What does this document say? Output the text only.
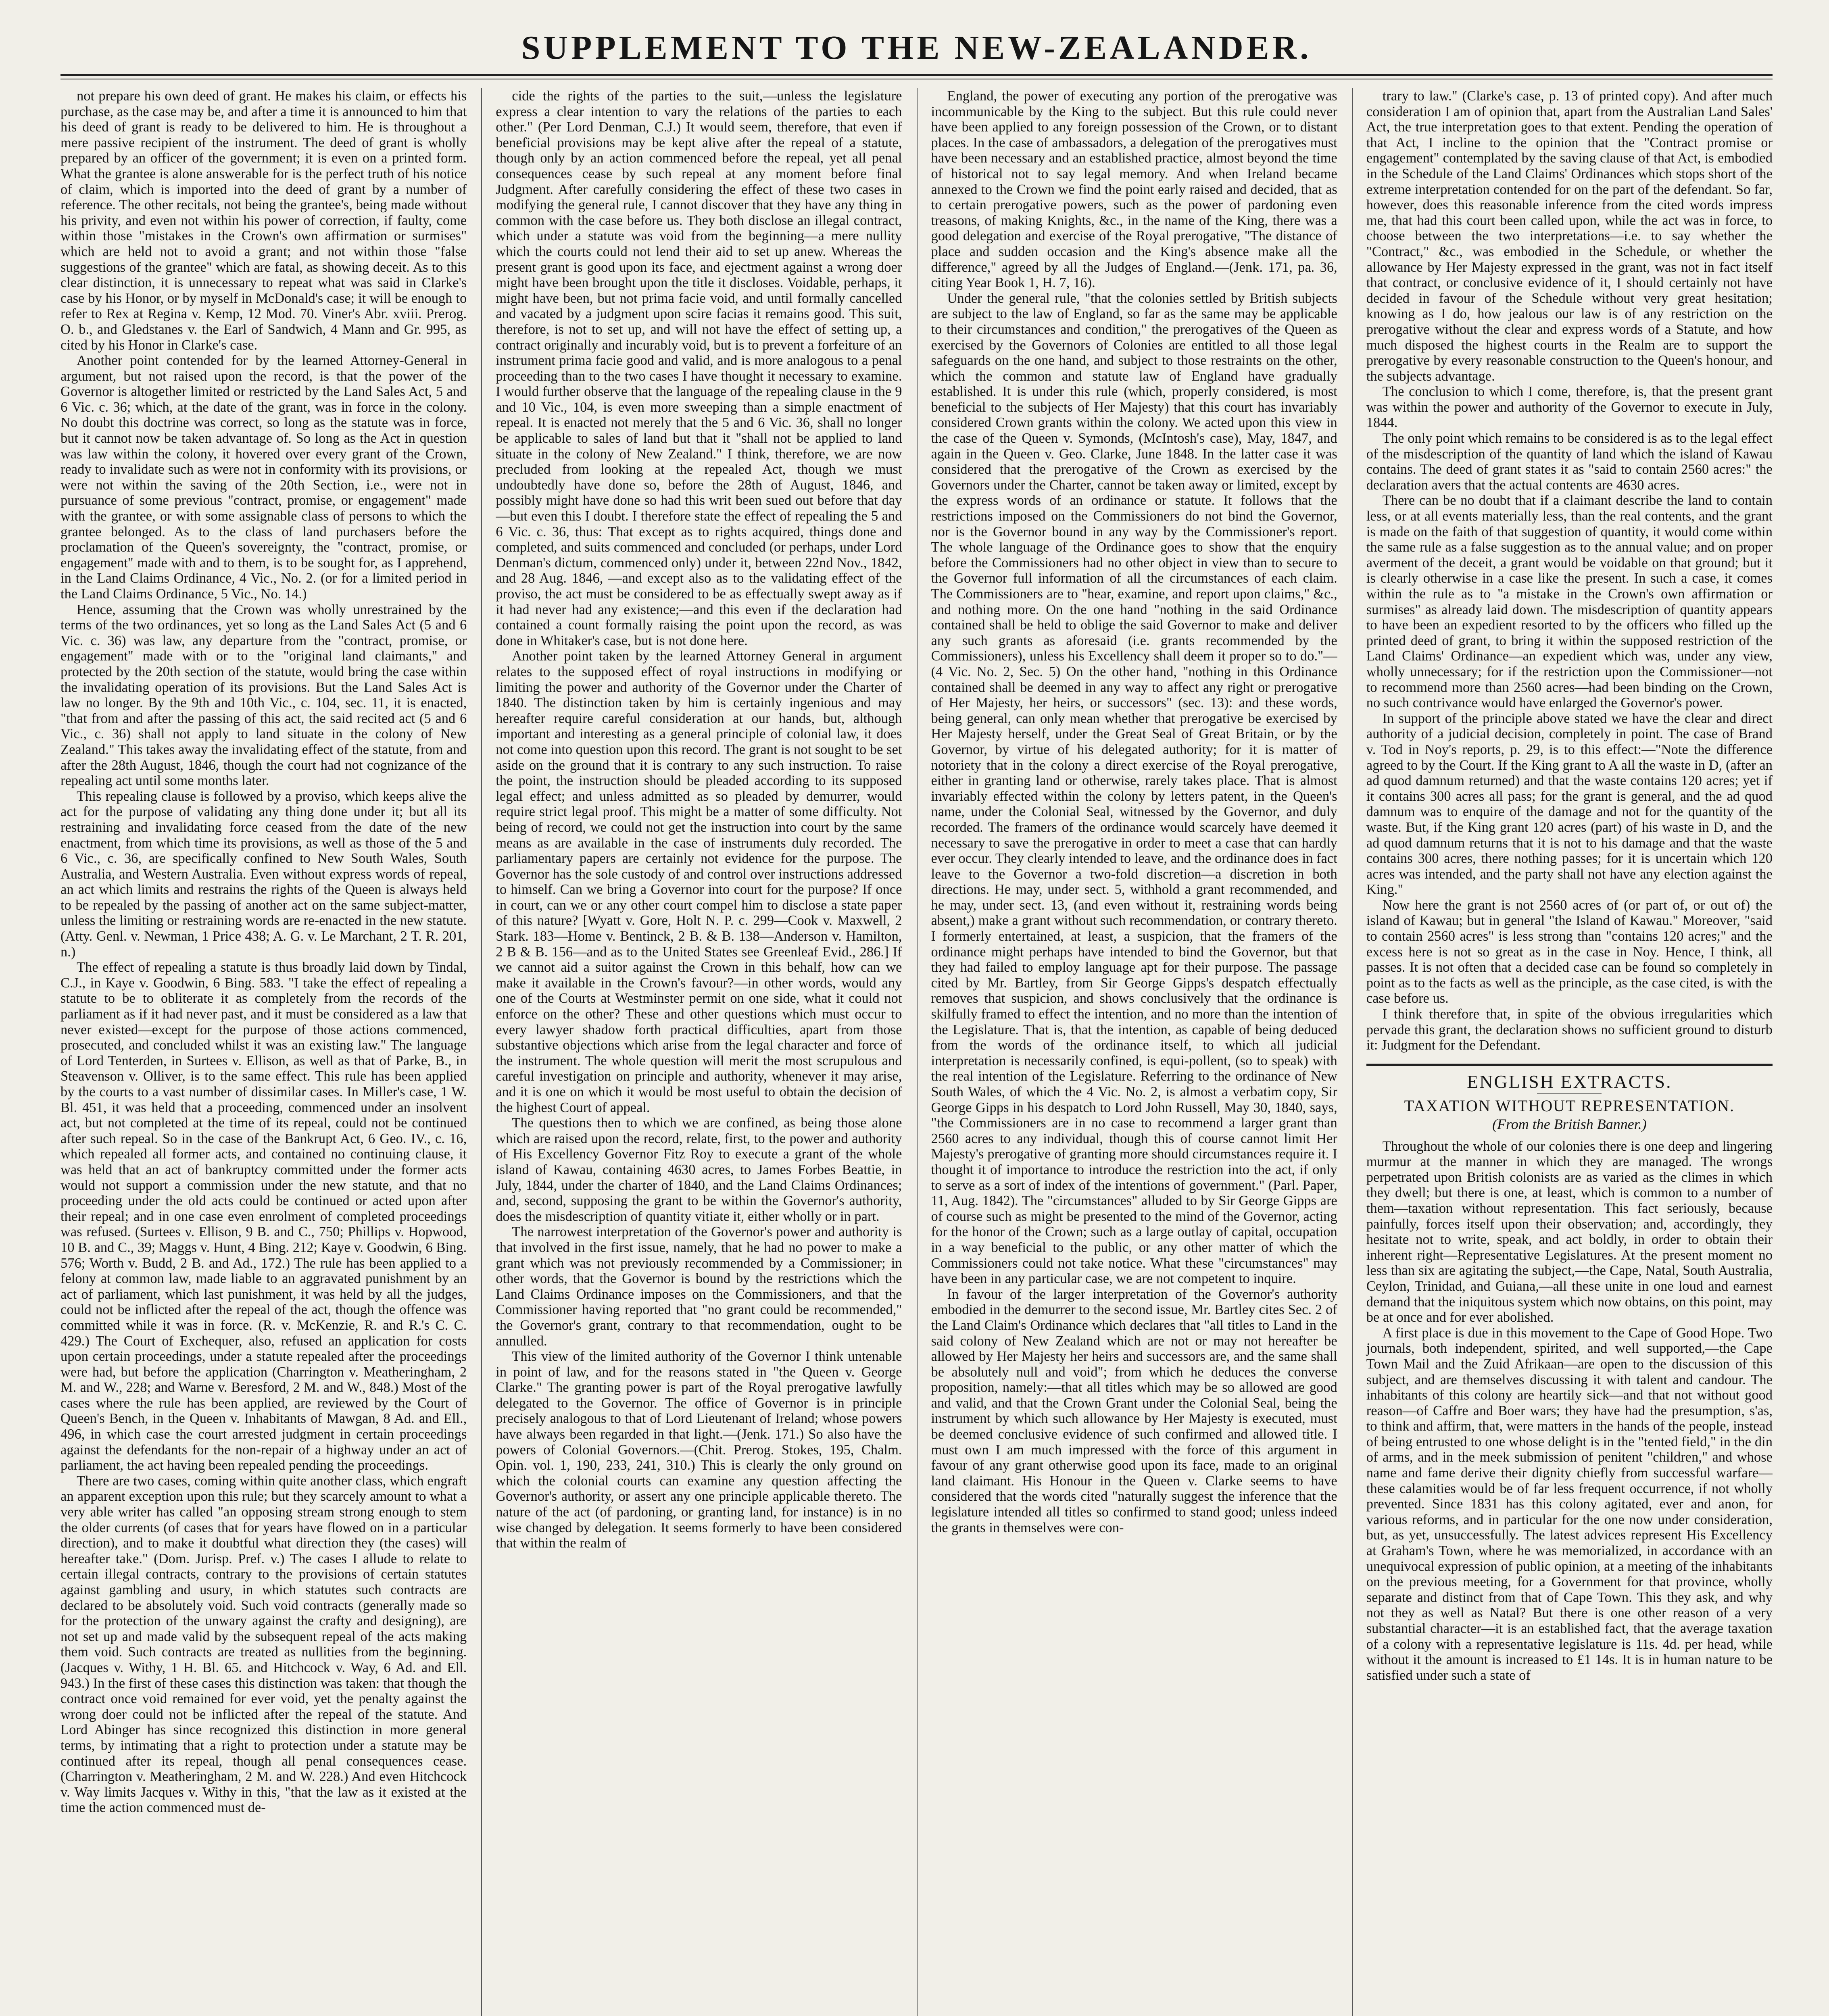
SUPPLEMENT TO THE NEW-ZEALANDER.

not prepare his own deed of grant. He makes his claim, or effects his purchase, as the case may be, and after a time it is announced to him that his deed of grant is ready to be delivered to him. He is throughout a mere passive recipient of the instrument. The deed of grant is wholly prepared by an officer of the government; it is even on a printed form. What the grantee is alone answerable for is the perfect truth of his notice of claim, which is imported into the deed of grant by a number of reference. The other recitals, not being the grantee's, being made without his privity, and even not within his power of correction, if faulty, come within those "mistakes in the Crown's own affirmation or surmises" which are held not to avoid a grant; and not within those "false suggestions of the grantee" which are fatal, as showing deceit. As to this clear distinction, it is unnecessary to repeat what was said in Clarke's case by his Honor, or by myself in McDonald's case; it will be enough to refer to Rex at Regina v. Kemp, 12 Mod. 70. Viner's Abr. xviii. Prerog. O. b., and Gledstanes v. the Earl of Sandwich, 4 Mann and Gr. 995, as cited by his Honor in Clarke's case.

Another point contended for by the learned Attorney-General in argument, but not raised upon the record, is that the power of the Governor is altogether limited or restricted by the Land Sales Act, 5 and 6 Vic. c. 36; which, at the date of the grant, was in force in the colony. No doubt this doctrine was correct, so long as the statute was in force, but it cannot now be taken advantage of. So long as the Act in question was law within the colony, it hovered over every grant of the Crown, ready to invalidate such as were not in conformity with its provisions, or were not within the saving of the 20th Section, i.e., were not in pursuance of some previous "contract, promise, or engagement" made with the grantee, or with some assignable class of persons to which the grantee belonged. As to the class of land purchasers before the proclamation of the Queen's sovereignty, the "contract, promise, or engagement" made with and to them, is to be sought for, as I apprehend, in the Land Claims Ordinance, 4 Vic., No. 2. (or for a limited period in the Land Claims Ordinance, 5 Vic., No. 14.)

Hence, assuming that the Crown was wholly unrestrained by the terms of the two ordinances, yet so long as the Land Sales Act (5 and 6 Vic. c. 36) was law, any departure from the "contract, promise, or engagement" made with or to the "original land claimants," and protected by the 20th section of the statute, would bring the case within the invalidating operation of its provisions. But the Land Sales Act is law no longer. By the 9th and 10th Vic., c. 104, sec. 11, it is enacted, "that from and after the passing of this act, the said recited act (5 and 6 Vic., c. 36) shall not apply to land situate in the colony of New Zealand." This takes away the invalidating effect of the statute, from and after the 28th August, 1846, though the court had not cognizance of the repealing act until some months later.

This repealing clause is followed by a proviso, which keeps alive the act for the purpose of validating any thing done under it; but all its restraining and invalidating force ceased from the date of the new enactment, from which time its provisions, as well as those of the 5 and 6 Vic., c. 36, are specifically confined to New South Wales, South Australia, and Western Australia. Even without express words of repeal, an act which limits and restrains the rights of the Queen is always held to be repealed by the passing of another act on the same subject-matter, unless the limiting or restraining words are re-enacted in the new statute. (Atty. Genl. v. Newman, 1 Price 438; A. G. v. Le Marchant, 2 T. R. 201, n.)

The effect of repealing a statute is thus broadly laid down by Tindal, C.J., in Kaye v. Goodwin, 6 Bing. 583. "I take the effect of repealing a statute to be to obliterate it as completely from the records of the parliament as if it had never past, and it must be considered as a law that never existed—except for the purpose of those actions commenced, prosecuted, and concluded whilst it was an existing law." The language of Lord Tenterden, in Surtees v. Ellison, as well as that of Parke, B., in Steavenson v. Olliver, is to the same effect. This rule has been applied by the courts to a vast number of dissimilar cases. In Miller's case, 1 W. Bl. 451, it was held that a proceeding, commenced under an insolvent act, but not completed at the time of its repeal, could not be continued after such repeal. So in the case of the Bankrupt Act, 6 Geo. IV., c. 16, which repealed all former acts, and contained no continuing clause, it was held that an act of bankruptcy committed under the former acts would not support a commission under the new statute, and that no proceeding under the old acts could be continued or acted upon after their repeal; and in one case even enrolment of completed proceedings was refused. (Surtees v. Ellison, 9 B. and C., 750; Phillips v. Hopwood, 10 B. and C., 39; Maggs v. Hunt, 4 Bing. 212; Kaye v. Goodwin, 6 Bing. 576; Worth v. Budd, 2 B. and Ad., 172.) The rule has been applied to a felony at common law, made liable to an aggravated punishment by an act of parliament, which last punishment, it was held by all the judges, could not be inflicted after the repeal of the act, though the offence was committed while it was in force. (R. v. McKenzie, R. and R.'s C. C. 429.) The Court of Exchequer, also, refused an application for costs upon certain proceedings, under a statute repealed after the proceedings were had, but before the application (Charrington v. Meatheringham, 2 M. and W., 228; and Warne v. Beresford, 2 M. and W., 848.) Most of the cases where the rule has been applied, are reviewed by the Court of Queen's Bench, in the Queen v. Inhabitants of Mawgan, 8 Ad. and Ell., 496, in which case the court arrested judgment in certain proceedings against the defendants for the non-repair of a highway under an act of parliament, the act having been repealed pending the proceedings.

There are two cases, coming within quite another class, which engraft an apparent exception upon this rule; but they scarcely amount to what a very able writer has called "an opposing stream strong enough to stem the older currents (of cases that for years have flowed on in a particular direction), and to make it doubtful what direction they (the cases) will hereafter take." (Dom. Jurisp. Pref. v.) The cases I allude to relate to certain illegal contracts, contrary to the provisions of certain statutes against gambling and usury, in which statutes such contracts are declared to be absolutely void. Such void contracts (generally made so for the protection of the unwary against the crafty and designing), are not set up and made valid by the subsequent repeal of the acts making them void. Such contracts are treated as nullities from the beginning. (Jacques v. Withy, 1 H. Bl. 65. and Hitchcock v. Way, 6 Ad. and Ell. 943.) In the first of these cases this distinction was taken: that though the contract once void remained for ever void, yet the penalty against the wrong doer could not be inflicted after the repeal of the statute. And Lord Abinger has since recognized this distinction in more general terms, by intimating that a right to protection under a statute may be continued after its repeal, though all penal consequences cease. (Charrington v. Meatheringham, 2 M. and W. 228.) And even Hitchcock v. Way limits Jacques v. Withy in this, "that the law as it existed at the time the action commenced must de-

cide the rights of the parties to the suit,—unless the legislature express a clear intention to vary the relations of the parties to each other." (Per Lord Denman, C.J.) It would seem, therefore, that even if beneficial provisions may be kept alive after the repeal of a statute, though only by an action commenced before the repeal, yet all penal consequences cease by such repeal at any moment before final Judgment. After carefully considering the effect of these two cases in modifying the general rule, I cannot discover that they have any thing in common with the case before us. They both disclose an illegal contract, which under a statute was void from the beginning—a mere nullity which the courts could not lend their aid to set up anew. Whereas the present grant is good upon its face, and ejectment against a wrong doer might have been brought upon the title it discloses. Voidable, perhaps, it might have been, but not prima facie void, and until formally cancelled and vacated by a judgment upon scire facias it remains good. This suit, therefore, is not to set up, and will not have the effect of setting up, a contract originally and incurably void, but is to prevent a forfeiture of an instrument prima facie good and valid, and is more analogous to a penal proceeding than to the two cases I have thought it necessary to examine. I would further observe that the language of the repealing clause in the 9 and 10 Vic., 104, is even more sweeping than a simple enactment of repeal. It is enacted not merely that the 5 and 6 Vic. 36, shall no longer be applicable to sales of land but that it "shall not be applied to land situate in the colony of New Zealand." I think, therefore, we are now precluded from looking at the repealed Act, though we must undoubtedly have done so, before the 28th of August, 1846, and possibly might have done so had this writ been sued out before that day—but even this I doubt. I therefore state the effect of repealing the 5 and 6 Vic. c. 36, thus: That except as to rights acquired, things done and completed, and suits commenced and concluded (or perhaps, under Lord Denman's dictum, commenced only) under it, between 22nd Nov., 1842, and 28 Aug. 1846, —and except also as to the validating effect of the proviso, the act must be considered to be as effectually swept away as if it had never had any existence;—and this even if the declaration had contained a count formally raising the point upon the record, as was done in Whitaker's case, but is not done here.

Another point taken by the learned Attorney General in argument relates to the supposed effect of royal instructions in modifying or limiting the power and authority of the Governor under the Charter of 1840. The distinction taken by him is certainly ingenious and may hereafter require careful consideration at our hands, but, although important and interesting as a general principle of colonial law, it does not come into question upon this record. The grant is not sought to be set aside on the ground that it is contrary to any such instruction. To raise the point, the instruction should be pleaded according to its supposed legal effect; and unless admitted as so pleaded by demurrer, would require strict legal proof. This might be a matter of some difficulty. Not being of record, we could not get the instruction into court by the same means as are available in the case of instruments duly recorded. The parliamentary papers are certainly not evidence for the purpose. The Governor has the sole custody of and control over instructions addressed to himself. Can we bring a Governor into court for the purpose? If once in court, can we or any other court compel him to disclose a state paper of this nature? [Wyatt v. Gore, Holt N. P. c. 299—Cook v. Maxwell, 2 Stark. 183—Home v. Bentinck, 2 B. & B. 138—Anderson v. Hamilton, 2 B & B. 156—and as to the United States see Greenleaf Evid., 286.] If we cannot aid a suitor against the Crown in this behalf, how can we make it available in the Crown's favour?—in other words, would any one of the Courts at Westminster permit on one side, what it could not enforce on the other? These and other questions which must occur to every lawyer shadow forth practical difficulties, apart from those substantive objections which arise from the legal character and force of the instrument. The whole question will merit the most scrupulous and careful investigation on principle and authority, whenever it may arise, and it is one on which it would be most useful to obtain the decision of the highest Court of appeal.

The questions then to which we are confined, as being those alone which are raised upon the record, relate, first, to the power and authority of His Excellency Governor Fitz Roy to execute a grant of the whole island of Kawau, containing 4630 acres, to James Forbes Beattie, in July, 1844, under the charter of 1840, and the Land Claims Ordinances; and, second, supposing the grant to be within the Governor's authority, does the misdescription of quantity vitiate it, either wholly or in part.

The narrowest interpretation of the Governor's power and authority is that involved in the first issue, namely, that he had no power to make a grant which was not previously recommended by a Commissioner; in other words, that the Governor is bound by the restrictions which the Land Claims Ordinance imposes on the Commissioners, and that the Commissioner having reported that "no grant could be recommended," the Governor's grant, contrary to that recommendation, ought to be annulled.

This view of the limited authority of the Governor I think untenable in point of law, and for the reasons stated in "the Queen v. George Clarke." The granting power is part of the Royal prerogative lawfully delegated to the Governor. The office of Governor is in principle precisely analogous to that of Lord Lieutenant of Ireland; whose powers have always been regarded in that light.—(Jenk. 171.) So also have the powers of Colonial Governors.—(Chit. Prerog. Stokes, 195, Chalm. Opin. vol. 1, 190, 233, 241, 310.) This is clearly the only ground on which the colonial courts can examine any question affecting the Governor's authority, or assert any one principle applicable thereto. The nature of the act (of pardoning, or granting land, for instance) is in no wise changed by delegation. It seems formerly to have been considered that within the realm of

England, the power of executing any portion of the prerogative was incommunicable by the King to the subject. But this rule could never have been applied to any foreign possession of the Crown, or to distant places. In the case of ambassadors, a delegation of the prerogatives must have been necessary and an established practice, almost beyond the time of historical not to say legal memory. And when Ireland became annexed to the Crown we find the point early raised and decided, that as to certain prerogative powers, such as the power of pardoning even treasons, of making Knights, &c., in the name of the King, there was a good delegation and exercise of the Royal prerogative, "The distance of place and sudden occasion and the King's absence make all the difference," agreed by all the Judges of England.—(Jenk. 171, pa. 36, citing Year Book 1, H. 7, 16).

Under the general rule, "that the colonies settled by British subjects are subject to the law of England, so far as the same may be applicable to their circumstances and condition," the prerogatives of the Queen as exercised by the Governors of Colonies are entitled to all those legal safeguards on the one hand, and subject to those restraints on the other, which the common and statute law of England have gradually established. It is under this rule (which, properly considered, is most beneficial to the subjects of Her Majesty) that this court has invariably considered Crown grants within the colony. We acted upon this view in the case of the Queen v. Symonds, (McIntosh's case), May, 1847, and again in the Queen v. Geo. Clarke, June 1848. In the latter case it was considered that the prerogative of the Crown as exercised by the Governors under the Charter, cannot be taken away or limited, except by the express words of an ordinance or statute. It follows that the restrictions imposed on the Commissioners do not bind the Governor, nor is the Governor bound in any way by the Commissioner's report. The whole language of the Ordinance goes to show that the enquiry before the Commissioners had no other object in view than to secure to the Governor full information of all the circumstances of each claim. The Commissioners are to "hear, examine, and report upon claims," &c., and nothing more. On the one hand "nothing in the said Ordinance contained shall be held to oblige the said Governor to make and deliver any such grants as aforesaid (i.e. grants recommended by the Commissioners), unless his Excellency shall deem it proper so to do."—(4 Vic. No. 2, Sec. 5) On the other hand, "nothing in this Ordinance contained shall be deemed in any way to affect any right or prerogative of Her Majesty, her heirs, or successors" (sec. 13): and these words, being general, can only mean whether that prerogative be exercised by Her Majesty herself, under the Great Seal of Great Britain, or by the Governor, by virtue of his delegated authority; for it is matter of notoriety that in the colony a direct exercise of the Royal prerogative, either in granting land or otherwise, rarely takes place. That is almost invariably effected within the colony by letters patent, in the Queen's name, under the Colonial Seal, witnessed by the Governor, and duly recorded. The framers of the ordinance would scarcely have deemed it necessary to save the prerogative in order to meet a case that can hardly ever occur. They clearly intended to leave, and the ordinance does in fact leave to the Governor a two-fold discretion—a discretion in both directions. He may, under sect. 5, withhold a grant recommended, and he may, under sect. 13, (and even without it, restraining words being absent,) make a grant without such recommendation, or contrary thereto. I formerly entertained, at least, a suspicion, that the framers of the ordinance might perhaps have intended to bind the Governor, but that they had failed to employ language apt for their purpose. The passage cited by Mr. Bartley, from Sir George Gipps's despatch effectually removes that suspicion, and shows conclusively that the ordinance is skilfully framed to effect the intention, and no more than the intention of the Legislature. That is, that the intention, as capable of being deduced from the words of the ordinance itself, to which all judicial interpretation is necessarily confined, is equi-pollent, (so to speak) with the real intention of the Legislature. Referring to the ordinance of New South Wales, of which the 4 Vic. No. 2, is almost a verbatim copy, Sir George Gipps in his despatch to Lord John Russell, May 30, 1840, says, "the Commissioners are in no case to recommend a larger grant than 2560 acres to any individual, though this of course cannot limit Her Majesty's prerogative of granting more should circumstances require it. I thought it of importance to introduce the restriction into the act, if only to serve as a sort of index of the intentions of government." (Parl. Paper, 11, Aug. 1842). The "circumstances" alluded to by Sir George Gipps are of course such as might be presented to the mind of the Governor, acting for the honor of the Crown; such as a large outlay of capital, occupation in a way beneficial to the public, or any other matter of which the Commissioners could not take notice. What these "circumstances" may have been in any particular case, we are not competent to inquire.

In favour of the larger interpretation of the Governor's authority embodied in the demurrer to the second issue, Mr. Bartley cites Sec. 2 of the Land Claim's Ordinance which declares that "all titles to Land in the said colony of New Zealand which are not or may not hereafter be allowed by Her Majesty her heirs and successors are, and the same shall be absolutely null and void"; from which he deduces the converse proposition, namely:—that all titles which may be so allowed are good and valid, and that the Crown Grant under the Colonial Seal, being the instrument by which such allowance by Her Majesty is executed, must be deemed conclusive evidence of such confirmed and allowed title. I must own I am much impressed with the force of this argument in favour of any grant otherwise good upon its face, made to an original land claimant. His Honour in the Queen v. Clarke seems to have considered that the words cited "naturally suggest the inference that the legislature intended all titles so confirmed to stand good; unless indeed the grants in themselves were con-

trary to law." (Clarke's case, p. 13 of printed copy). And after much consideration I am of opinion that, apart from the Australian Land Sales' Act, the true interpretation goes to that extent. Pending the operation of that Act, I incline to the opinion that the "Contract promise or engagement" contemplated by the saving clause of that Act, is embodied in the Schedule of the Land Claims' Ordinances which stops short of the extreme interpretation contended for on the part of the defendant. So far, however, does this reasonable inference from the cited words impress me, that had this court been called upon, while the act was in force, to choose between the two interpretations—i.e. to say whether the "Contract," &c., was embodied in the Schedule, or whether the allowance by Her Majesty expressed in the grant, was not in fact itself that contract, or conclusive evidence of it, I should certainly not have decided in favour of the Schedule without very great hesitation; knowing as I do, how jealous our law is of any restriction on the prerogative without the clear and express words of a Statute, and how much disposed the highest courts in the Realm are to support the prerogative by every reasonable construction to the Queen's honour, and the subjects advantage.

The conclusion to which I come, therefore, is, that the present grant was within the power and authority of the Governor to execute in July, 1844.

The only point which remains to be considered is as to the legal effect of the misdescription of the quantity of land which the island of Kawau contains. The deed of grant states it as "said to contain 2560 acres:" the declaration avers that the actual contents are 4630 acres.

There can be no doubt that if a claimant describe the land to contain less, or at all events materially less, than the real contents, and the grant is made on the faith of that suggestion of quantity, it would come within the same rule as a false suggestion as to the annual value; and on proper averment of the deceit, a grant would be voidable on that ground; but it is clearly otherwise in a case like the present. In such a case, it comes within the rule as to "a mistake in the Crown's own affirmation or surmises" as already laid down. The misdescription of quantity appears to have been an expedient resorted to by the officers who filled up the printed deed of grant, to bring it within the supposed restriction of the Land Claims' Ordinance—an expedient which was, under any view, wholly unnecessary; for if the restriction upon the Commissioner—not to recommend more than 2560 acres—had been binding on the Crown, no such contrivance would have enlarged the Governor's power.

In support of the principle above stated we have the clear and direct authority of a judicial decision, completely in point. The case of Brand v. Tod in Noy's reports, p. 29, is to this effect:—"Note the difference agreed to by the Court. If the King grant to A all the waste in D, (after an ad quod damnum returned) and that the waste contains 120 acres; yet if it contains 300 acres all pass; for the grant is general, and the ad quod damnum was to enquire of the damage and not for the quantity of the waste. But, if the King grant 120 acres (part) of his waste in D, and the ad quod damnum returns that it is not to his damage and that the waste contains 300 acres, there nothing passes; for it is uncertain which 120 acres was intended, and the party shall not have any election against the King."

Now here the grant is not 2560 acres of (or part of, or out of) the island of Kawau; but in general "the Island of Kawau." Moreover, "said to contain 2560 acres" is less strong than "contains 120 acres;" and the excess here is not so great as in the case in Noy. Hence, I think, all passes. It is not often that a decided case can be found so completely in point as to the facts as well as the principle, as the case cited, is with the case before us.

I think therefore that, in spite of the obvious irregularities which pervade this grant, the declaration shows no sufficient ground to disturb it: Judgment for the Defendant.

ENGLISH EXTRACTS.
TAXATION WITHOUT REPRESENTATION.
(From the British Banner.)

Throughout the whole of our colonies there is one deep and lingering murmur at the manner in which they are managed. The wrongs perpetrated upon British colonists are as varied as the climes in which they dwell; but there is one, at least, which is common to a number of them—taxation without representation. This fact seriously, because painfully, forces itself upon their observation; and, accordingly, they hesitate not to write, speak, and act boldly, in order to obtain their inherent right—Representative Legislatures. At the present moment no less than six are agitating the subject,—the Cape, Natal, South Australia, Ceylon, Trinidad, and Guiana,—all these unite in one loud and earnest demand that the iniquitous system which now obtains, on this point, may be at once and for ever abolished.

A first place is due in this movement to the Cape of Good Hope. Two journals, both independent, spirited, and well supported,—the Cape Town Mail and the Zuid Afrikaan—are open to the discussion of this subject, and are themselves discussing it with talent and candour. The inhabitants of this colony are heartily sick—and that not without good reason—of Caffre and Boer wars; they have had the presumption, s'as, to think and affirm, that, were matters in the hands of the people, instead of being entrusted to one whose delight is in the "tented field," in the din of arms, and in the meek submission of penitent "children," and whose name and fame derive their dignity chiefly from successful warfare—these calamities would be of far less frequent occurrence, if not wholly prevented. Since 1831 has this colony agitated, ever and anon, for various reforms, and in particular for the one now under consideration, but, as yet, unsuccessfully. The latest advices represent His Excellency at Graham's Town, where he was memorialized, in accordance with an unequivocal expression of public opinion, at a meeting of the inhabitants on the previous meeting, for a Government for that province, wholly separate and distinct from that of Cape Town. This they ask, and why not they as well as Natal? But there is one other reason of a very substantial character—it is an established fact, that the average taxation of a colony with a representative legislature is 11s. 4d. per head, while without it the amount is increased to £1 14s. It is in human nature to be satisfied under such a state of
